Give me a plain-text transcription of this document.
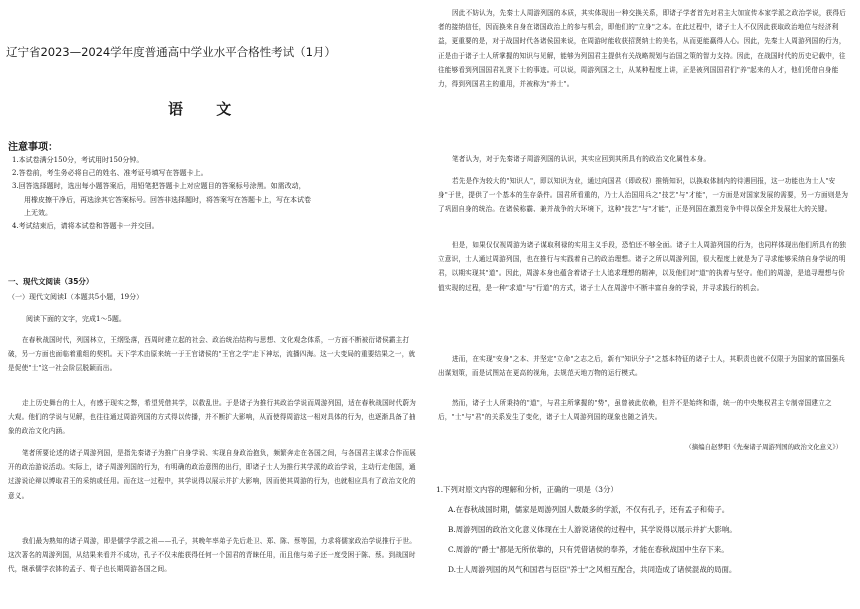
辽宁省2023—2024学年度普通高中学业水平合格性考试（1月）
语 文
注意事项：

1.本试卷满分150分，考试用时150分钟。

2.答卷前，考生务必将自己的姓名、准考证号填写在答题卡上。

3.回答选择题时，选出每小题答案后，用铅笔把答题卡上对应题目的答案标号涂黑。如需改动，

用橡皮擦干净后，再选涂其它答案标号。回答非选择题时，将答案写在答题卡上，写在本试卷

上无效。

4.考试结束后，请将本试卷和答题卡一并交回。

一、现代文阅读（35分）
（一）现代文阅读Ⅰ（本题共5小题，19分）
阅读下面的文字，完成1～5题。

在春秋战国时代，列国林立，王纲坠落，西周时建立起的社会、政治统治结构与思想、文化观念体系，一方面不断被衍诸侯霸主打破，另一方面也面临着重组的契机。天下学术由原来统一于王官诸侯的"王官之学"走下神坛，流播四海。这一大变局的重要结果之一，就是促使"士"这一社会阶层脱颖而出。

走上历史舞台的士人，有感于现实之弊，希望凭借其学，以救乱世。于是诸子为推行其政治学说而周游列国，适在春秋战国时代蔚为大观。他们的学说与见解，也往往通过周游列国的方式得以传播，并不断扩大影响，从而使得周游这一相对具体的行为，也逐渐具备了抽象的政治文化内涵。

笔者所要论述的诸子周游列国，是指先秦诸子为推广自身学说、实现自身政治抱负，频繁奔走在各国之间，与各国君主谋求合作而展开的政治游说活动。实际上，诸子周游列国的行为，有明确的政治意图的出行，即诸子士人为推行其学派的政治学说，主动行走他国，通过游说论辩以博取君王的采纳或任用。而在这一过程中，其学说得以展示并扩大影响，因而使其周游的行为，也就相应具有了政治文化的意义。

我们最为熟知的诸子周游，即是儒学学派之祖——孔子，其晚年率弟子先后赴卫、郑、陈、蔡等国，力求将儒家政治学说推行于世。这次著名的周游列国，从结果来看并不成功，孔子不仅未能获得任何一个国君的青睐任用，而且他与弟子还一度受困于陈、蔡。到战国时代，继承儒学衣钵的孟子、荀子也长期周游各国之间。

因此不妨认为，先秦士人周游列国的本质，其实体现出一种交换关系，即诸子学者首先对君主大加宣传本家学派之政治学说，获得后者的接纳信任，因而换来自身在诸国政治上的参与机会，即他们的"立身"之本。在此过程中，诸子士人不仅因此获取政治地位与经济利益，更重要的是，对于战国时代各诸侯国来说，在周游时能收获招贤纳士的美名，从而更能赢得人心。因此，先秦士人周游列国的行为，正是由于诸子士人所掌握的知识与见解，能够为列国君主提供有关战略规划与治国之策的智力支持。因此，在战国时代的历史记载中，往往能够看到列国国君礼贤下士的事迹。可以说，周游列国之士，从某种程度上讲，正是被列国国君们"养"起来的人才，他们凭借自身能力，得到列国君主的重用，并被称为"养士"。

笔者认为，对于先秦诸子周游列国的认识，其实应回到其所具有的政治文化属性本身。

若先是作为较大的"知识人"，即以知识为业，通过向国君（即政权）推销知识，以换取体制内的待遇回报，这一功能也为士人"安身"于世，提供了一个基本的生存条件。国君所看重的，乃士人治国用兵之"技艺"与"才能"，一方面是对国家发展的需要，另一方面则是为了巩固自身的统治。在诸侯称霸、兼并战争的大环境下，这种"技艺"与"才能"，正是列国在激烈竞争中得以保全并发展壮大的关键。

但是，如果仅仅视周游为诸子谋取利禄的实用主义手段，恐怕还不够全面。诸子士人周游列国的行为，也同样体现出他们所具有的独立意识，士人通过周游列国，也在推行与实践着自己的政治理想。诸子之所以周游列国，很大程度上就是为了寻求能够采纳自身学说的明君，以期实现其"道"。因此，周游本身也蕴含着诸子士人追求理想的精神，以及他们对"道"的执着与坚守。他们的周游，是追寻理想与价值实现的过程，是一种"求道"与"行道"的方式，诸子士人在周游中不断丰富自身的学说，并寻求践行的机会。

进而，在实现"安身"之本、并坚定"立命"之志之后，新有"知识分子"之基本特征的诸子士人，其职责也就不仅限于为国家的富国强兵出谋划策，而是试图站在更高的视角，去规范天地万物的运行模式。

然而，诸子士人所秉持的"道"，与君主所掌握的"势"，虽曾被此依赖，但并不是始终和谐，统一的中央集权君主专制帝国建立之后，"士"与"君"的关系发生了变化，诸子士人周游列国的现象也随之消失。

（摘编自赵梦阳《先秦诸子周游列国的政治文化意义》）

1.下列对原文内容的理解和分析，正确的一项是（3分）

A.在春秋战国时期，儒家是周游列国人数最多的学派，不仅有孔子，还有孟子和荀子。

B.周游列国的政治文化意义体现在士人游说诸侯的过程中，其学说得以展示并扩大影响。

C.周游的"爵士"都是无所依靠的，只有凭借诸侯的奉养，才能在春秋战国中生存下来。

D.士人周游列国的风气和国君与臣臣"养士"之风相互配合，共同造成了诸侯混战的局面。
